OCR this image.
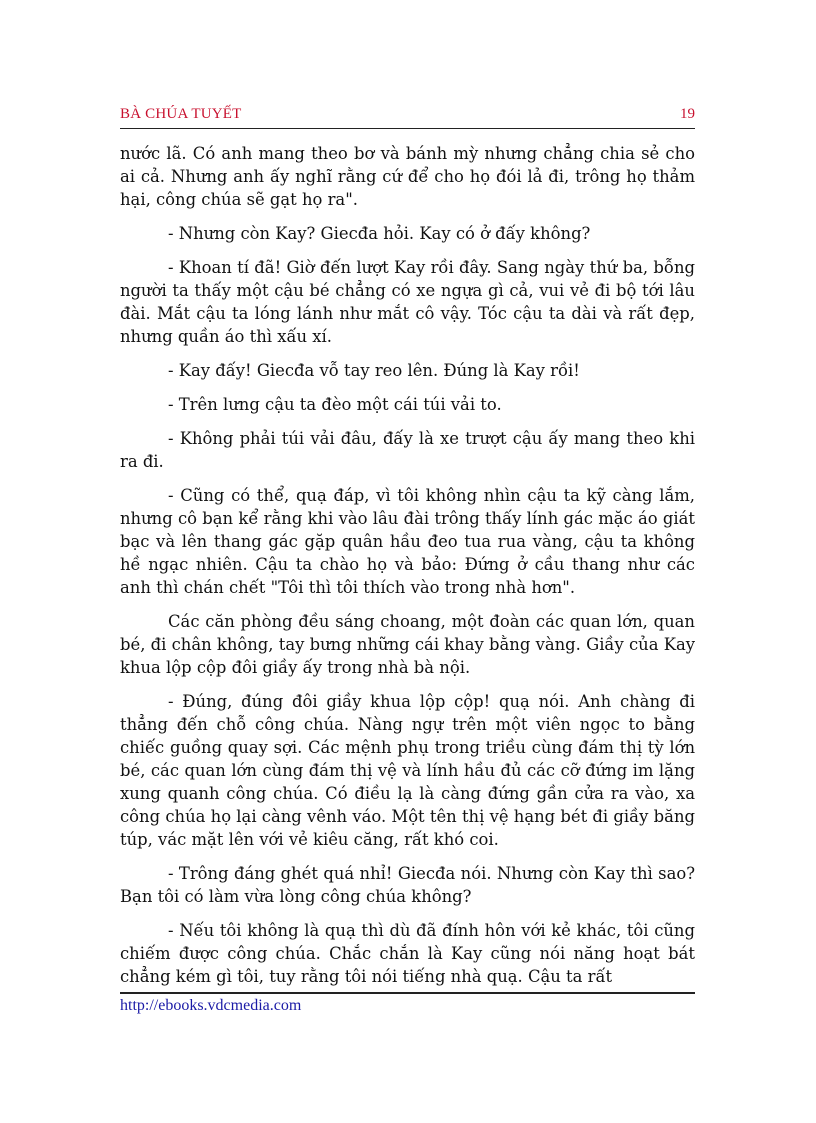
BÀ CHÚA TUYẾT	19

nước lã. Có anh mang theo bơ và bánh mỳ nhưng chẳng chia sẻ cho ai cả. Nhưng anh ấy nghĩ rằng cứ để cho họ đói lả đi, trông họ thảm hại, công chúa sẽ gạt họ ra".

- Nhưng còn Kay? Giecđa hỏi. Kay có ở đấy không?

- Khoan tí đã! Giờ đến lượt Kay rồi đây. Sang ngày thứ ba, bỗng người ta thấy một cậu bé chẳng có xe ngựa gì cả, vui vẻ đi bộ tới lâu đài. Mắt cậu ta lóng lánh như mắt cô vậy. Tóc cậu ta dài và rất đẹp, nhưng quần áo thì xấu xí.

- Kay đấy! Giecđa vỗ tay reo lên. Đúng là Kay rồi!

- Trên lưng cậu ta đèo một cái túi vải to.

- Không phải túi vải đâu, đấy là xe trượt cậu ấy mang theo khi ra đi.

- Cũng có thể, quạ đáp, vì tôi không nhìn cậu ta kỹ càng lắm, nhưng cô bạn kể rằng khi vào lâu đài trông thấy lính gác mặc áo giát bạc và lên thang gác gặp quân hầu đeo tua rua vàng, cậu ta không hề ngạc nhiên. Cậu ta chào họ và bảo: Đứng ở cầu thang như các anh thì chán chết "Tôi thì tôi thích vào trong nhà hơn".

Các căn phòng đều sáng choang, một đoàn các quan lớn, quan bé, đi chân không, tay bưng những cái khay bằng vàng. Giầy của Kay khua lộp cộp đôi giầy ấy trong nhà bà nội.

- Đúng, đúng đôi giầy khua lộp cộp! quạ nói. Anh chàng đi thẳng đến chỗ công chúa. Nàng ngự trên một viên ngọc to bằng chiếc guồng quay sợi. Các mệnh phụ trong triều cùng đám thị tỳ lớn bé, các quan lớn cùng đám thị vệ và lính hầu đủ các cỡ đứng im lặng xung quanh công chúa. Có điều lạ là càng đứng gần cửa ra vào, xa công chúa họ lại càng vênh váo. Một tên thị vệ hạng bét đi giầy băng túp, vác mặt lên với vẻ kiêu căng, rất khó coi.

- Trông đáng ghét quá nhỉ! Giecđa nói. Nhưng còn Kay thì sao? Bạn tôi có làm vừa lòng công chúa không?

- Nếu tôi không là quạ thì dù đã đính hôn với kẻ khác, tôi cũng chiếm được công chúa. Chắc chắn là Kay cũng nói năng hoạt bát chẳng kém gì tôi, tuy rằng tôi nói tiếng nhà quạ. Cậu ta rất

http://ebooks.vdcmedia.com
